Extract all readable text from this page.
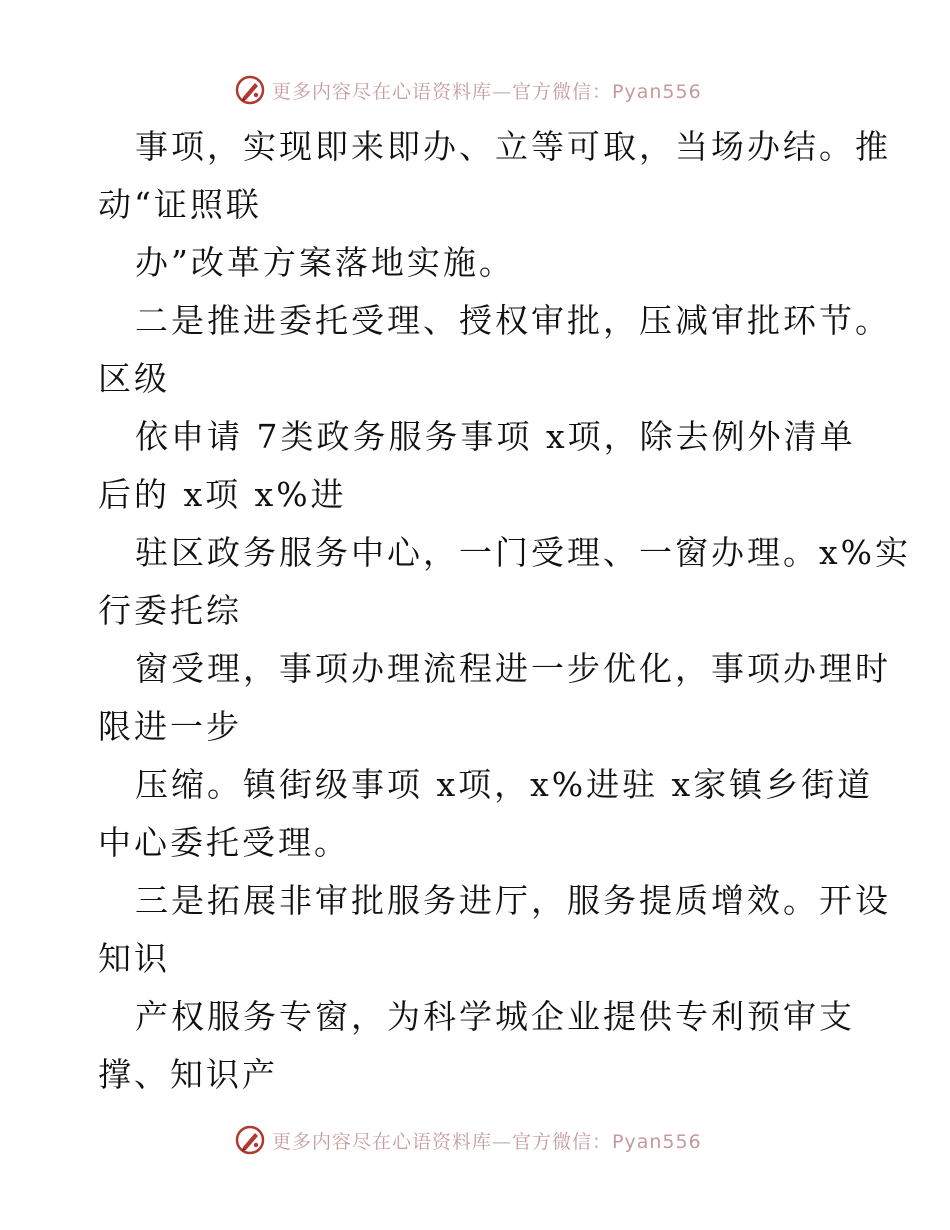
更多内容尽在心语资料库—官方微信：Pyan556
事项，实现即来即办、立等可取，当场办结。推
动“证照联
办”改革方案落地实施。
二是推进委托受理、授权审批，压减审批环节。
区级
依申请 7类政务服务事项 x项，除去例外清单
后的 x项 x%进
驻区政务服务中心，一门受理、一窗办理。x%实
行委托综
窗受理，事项办理流程进一步优化，事项办理时
限进一步
压缩。镇街级事项 x项，x%进驻 x家镇乡街道
中心委托受理。
三是拓展非审批服务进厅，服务提质增效。开设
知识
产权服务专窗，为科学城企业提供专利预审支
撑、知识产
更多内容尽在心语资料库—官方微信：Pyan556
